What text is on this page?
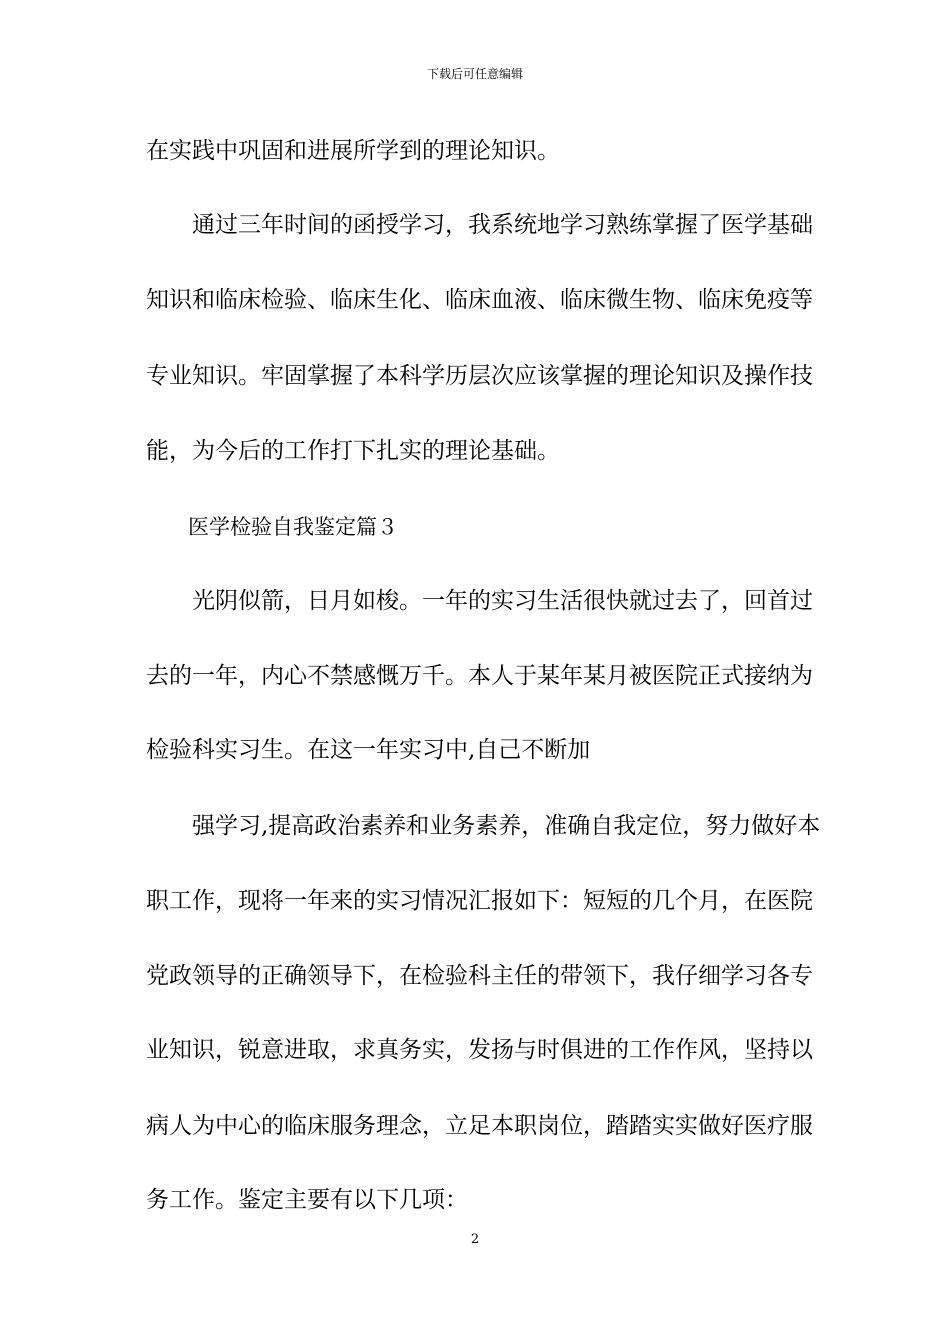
下载后可任意编辑
在实践中巩固和进展所学到的理论知识。
　　通过三年时间的函授学习，我系统地学习熟练掌握了医学基础
知识和临床检验、临床生化、临床血液、临床微生物、临床免疫等
专业知识。牢固掌握了本科学历层次应该掌握的理论知识及操作技
能，为今后的工作打下扎实的理论基础。
　　医学检验自我鉴定篇３
　　光阴似箭，日月如梭。一年的实习生活很快就过去了，回首过
去的一年，内心不禁感慨万千。本人于某年某月被医院正式接纳为
检验科实习生。在这一年实习中,自己不断加
　　强学习,提高政治素养和业务素养，准确自我定位，努力做好本
职工作，现将一年来的实习情况汇报如下：短短的几个月，在医院
党政领导的正确领导下，在检验科主任的带领下，我仔细学习各专
业知识，锐意进取，求真务实，发扬与时俱进的工作作风，坚持以
病人为中心的临床服务理念，立足本职岗位，踏踏实实做好医疗服
务工作。鉴定主要有以下几项：
2
